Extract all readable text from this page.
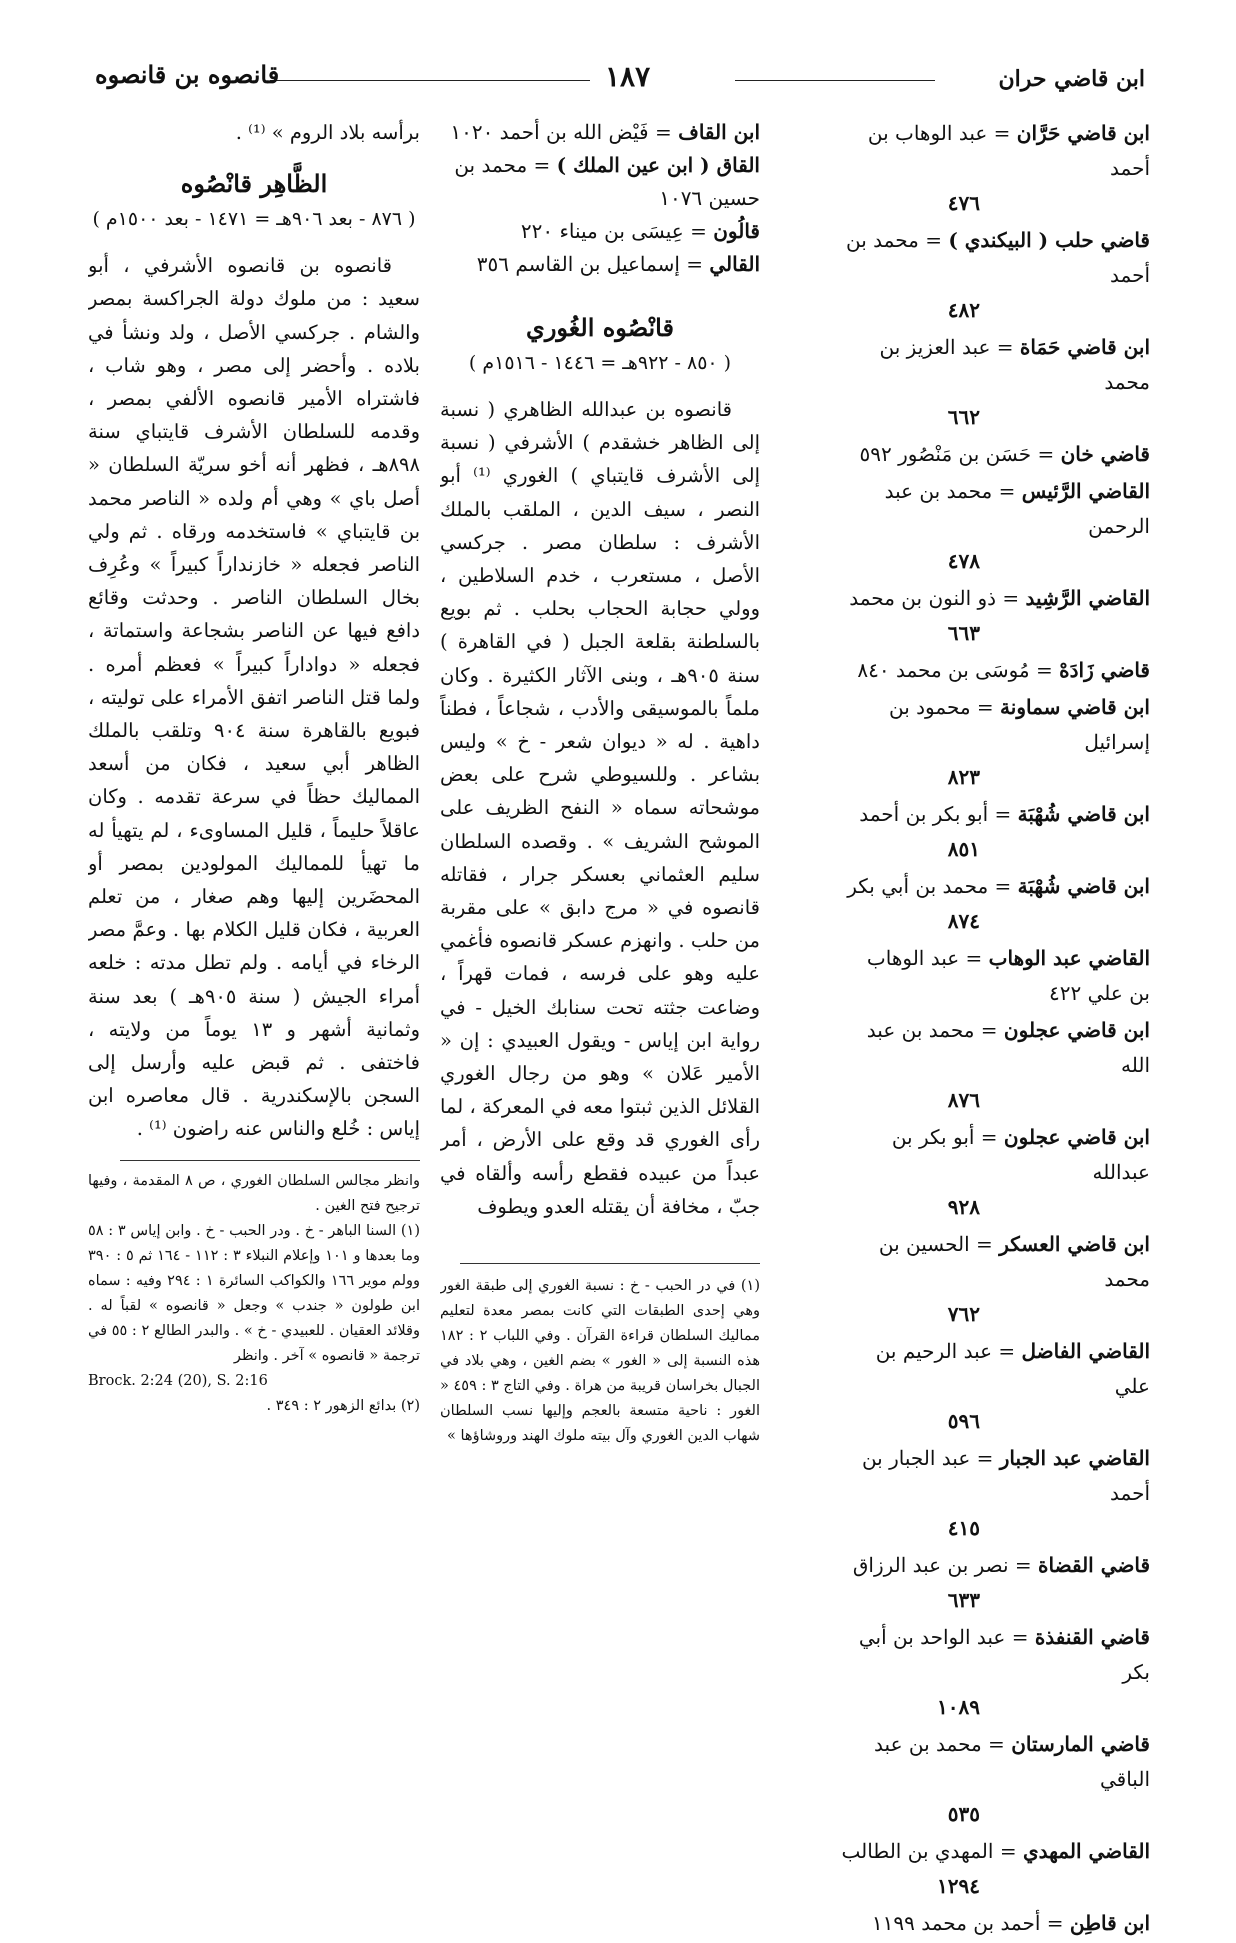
ابن قاضي حران
١٨٧
قانصوه بن قانصوه
ابن قاضي حَرَّان = عبد الوهاب بن أحمد
٤٧٦
قاضي حلب ( البيكندي ) = محمد بن أحمد
٤٨٢
ابن قاضي حَمَاة = عبد العزيز بن محمد
٦٦٢
قاضي خان = حَسَن بن مَنْصُور ٥٩٢
القاضي الرَّئيس = محمد بن عبد الرحمن
٤٧٨
القاضي الرَّشِيد = ذو النون بن محمد
٦٦٣
قاضي زَادَهْ = مُوسَى بن محمد ٨٤٠
ابن قاضي سماونة = محمود بن إسرائيل
٨٢٣
ابن قاضي شُهْبَة = أبو بكر بن أحمد
٨٥١
ابن قاضي شُهْبَة = محمد بن أبي بكر
٨٧٤
القاضي عبد الوهاب = عبد الوهاب بن علي ٤٢٢
ابن قاضي عجلون = محمد بن عبد الله
٨٧٦
ابن قاضي عجلون = أبو بكر بن عبدالله
٩٢٨
ابن قاضي العسكر = الحسين بن محمد
٧٦٢
القاضي الفاضل = عبد الرحيم بن علي
٥٩٦
القاضي عبد الجبار = عبد الجبار بن أحمد
٤١٥
قاضي القضاة = نصر بن عبد الرزاق
٦٣٣
قاضي القنفذة = عبد الواحد بن أبي بكر
١٠٨٩
قاضي المارستان = محمد بن عبد الباقي
٥٣٥
القاضي المهدي = المهدي بن الطالب
١٢٩٤
ابن قاطِن = أحمد بن محمد ١١٩٩
ابن القاف = فَيْض الله بن أحمد ١٠٢٠
القاق ( ابن عين الملك ) = محمد بن حسين ١٠٧٦
قالُون = عِيسَى بن ميناء ٢٢٠
القالي = إسماعيل بن القاسم ٣٥٦
قانْصُوه الغُوري
( ٨٥٠ - ٩٢٢هـ = ١٤٤٦ - ١٥١٦م )

قانصوه بن عبدالله الظاهري ( نسبة إلى الظاهر خشقدم ) الأشرفي ( نسبة إلى الأشرف قايتباي ) الغوري ⁽¹⁾ أبو النصر ، سيف الدين ، الملقب بالملك الأشرف : سلطان مصر . جركسي الأصل ، مستعرب ، خدم السلاطين ، وولي حجابة الحجاب بحلب . ثم بويع بالسلطنة بقلعة الجبل ( في القاهرة ) سنة ٩٠٥هـ ، وبنى الآثار الكثيرة . وكان ملماً بالموسيقى والأدب ، شجاعاً ، فطناً داهية . له « ديوان شعر - خ » وليس بشاعر . وللسيوطي شرح على بعض موشحاته سماه « النفح الظريف على الموشح الشريف » . وقصده السلطان سليم العثماني بعسكر جرار ، فقاتله قانصوه في « مرج دابق » على مقربة من حلب . وانهزم عسكر قانصوه فأغمي عليه وهو على فرسه ، فمات قهراً ، وضاعت جثته تحت سنابك الخيل - في رواية ابن إياس - ويقول العبيدي : إن « الأمير عَلان » وهو من رجال الغوري القلائل الذين ثبتوا معه في المعركة ، لما رأى الغوري قد وقع على الأرض ، أمر عبداً من عبيده فقطع رأسه وألقاه في جبّ ، مخافة أن يقتله العدو ويطوف

(١) في در الحبب - خ : نسبة الغوري إلى طبقة الغور وهي إحدى الطبقات التي كانت بمصر معدة لتعليم مماليك السلطان قراءة القرآن . وفي اللباب ٢ : ١٨٢ هذه النسبة إلى « الغور » بضم الغين ، وهي بلاد في الجبال بخراسان قريبة من هراة . وفي التاج ٣ : ٤٥٩ « الغور : ناحية متسعة بالعجم وإليها نسب السلطان شهاب الدين الغوري وآل بيته ملوك الهند وروشاؤها »

برأسه بلاد الروم » ⁽¹⁾ .

الظَّاهِر قانْصُوه
( ٨٧٦ - بعد ٩٠٦هـ = ١٤٧١ - بعد ١٥٠٠م )

قانصوه بن قانصوه الأشرفي ، أبو سعيد : من ملوك دولة الجراكسة بمصر والشام . جركسي الأصل ، ولد ونشأ في بلاده . وأحضر إلى مصر ، وهو شاب ، فاشتراه الأمير قانصوه الألفي بمصر ، وقدمه للسلطان الأشرف قايتباي سنة ٨٩٨هـ ، فظهر أنه أخو سريّة السلطان « أصل باي » وهي أم ولده « الناصر محمد بن قايتباي » فاستخدمه ورقاه . ثم ولي الناصر فجعله « خازنداراً كبيراً » وعُرِف بخال السلطان الناصر . وحدثت وقائع دافع فيها عن الناصر بشجاعة واستماتة ، فجعله « دواداراً كبيراً » فعظم أمره . ولما قتل الناصر اتفق الأمراء على توليته ، فبويع بالقاهرة سنة ٩٠٤ وتلقب بالملك الظاهر أبي سعيد ، فكان من أسعد المماليك حظاً في سرعة تقدمه . وكان عاقلاً حليماً ، قليل المساوىء ، لم يتهيأ له ما تهيأ للمماليك المولودين بمصر أو المحضَرين إليها وهم صغار ، من تعلم العربية ، فكان قليل الكلام بها . وعمَّ مصر الرخاء في أيامه . ولم تطل مدته : خلعه أمراء الجيش ( سنة ٩٠٥هـ ) بعد سنة وثمانية أشهر و ١٣ يوماً من ولايته ، فاختفى . ثم قبض عليه وأرسل إلى السجن بالإسكندرية . قال معاصره ابن إياس : خُلع والناس عنه راضون ⁽¹⁾ .

وانظر مجالس السلطان الغوري ، ص ٨ المقدمة ، وفيها ترجيح فتح الغين .

(١) السنا الباهر - خ . ودر الحبب - خ . وابن إياس ٣ : ٥٨ وما بعدها و ١٠١ وإعلام النبلاء ٣ : ١١٢ - ١٦٤ ثم ٥ : ٣٩٠ وولم موير ١٦٦ والكواكب السائرة ١ : ٢٩٤ وفيه : سماه ابن طولون « جندب » وجعل « قانصوه » لقباً له . وقلائد العقيان . للعبيدي - خ » . والبدر الطالع ٢ : ٥٥ في ترجمة « قانصوه » آخر . وانظر

Brock. 2:24 (20), S. 2:16

(٢) بدائع الزهور ٢ : ٣٤٩ .
